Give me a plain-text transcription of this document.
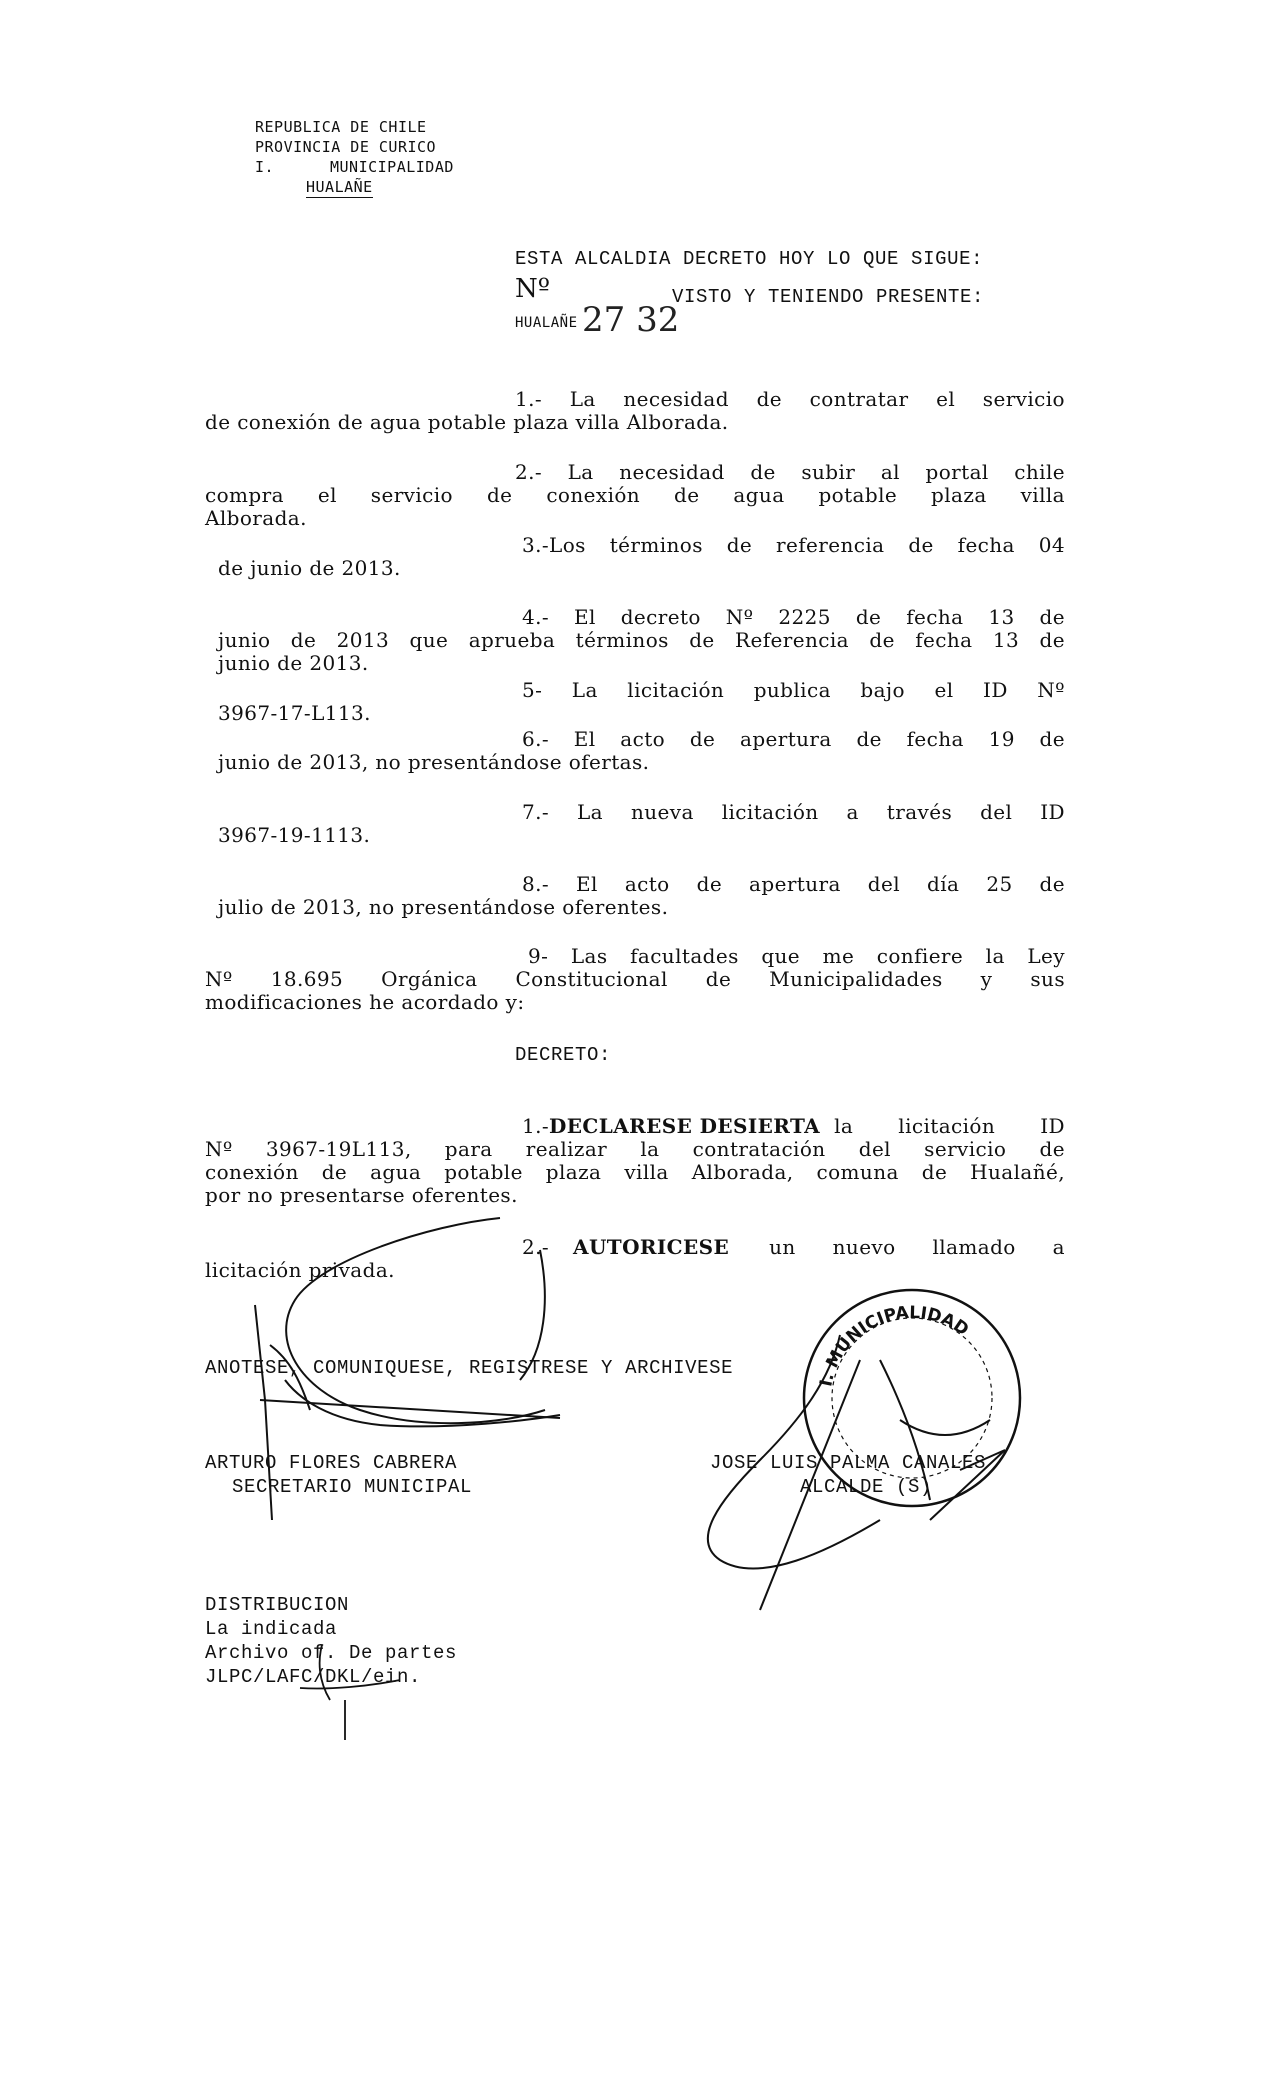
REPUBLICA DE CHILE
PROVINCIA DE CURICO
I.	MUNICIPALIDAD
HUALAÑE
ESTA ALCALDIA DECRETO HOY LO QUE SIGUE:
Nº	VISTO Y TENIENDO PRESENTE:
HUALAÑE 27 32
1.- La necesidad de contratar el servicio
de conexión de agua potable plaza villa Alborada.
2.- La necesidad de subir al portal chile
compra el servicio de conexión de agua potable plaza villa
Alborada.
3.-Los términos de referencia de fecha 04
de junio de 2013.
4.- El decreto Nº 2225 de fecha 13 de
junio de 2013 que aprueba términos de Referencia de fecha 13 de
junio de 2013.
5- La licitación publica bajo el ID Nº
3967-17-L113.
6.- El acto de apertura de fecha 19 de
junio de 2013, no presentándose ofertas.
7.- La nueva licitación a través del ID
3967-19-1113.
8.- El acto de apertura del día 25 de
julio de 2013, no presentándose oferentes.
9- Las facultades que me confiere la Ley
Nº 18.695 Orgánica Constitucional de Municipalidades y sus
modificaciones he acordado y:
DECRETO:
1.- DECLARESE DESIERTA la licitación ID
Nº 3967-19L113, para realizar la contratación del servicio de
conexión de agua potable plaza villa Alborada, comuna de Hualañé,
por no presentarse oferentes.
2.- AUTORICESE un nuevo llamado a
licitación privada.
ANOTESE, COMUNIQUESE, REGISTRESE Y ARCHIVESE
ARTURO FLORES CABRERA
SECRETARIO MUNICIPAL
JOSE LUIS PALMA CANALES
ALCALDE (S)
DISTRIBUCION
La indicada
Archivo of. De partes
JLPC/LAFC/DKL/ein.
I. MUNICIPALIDAD
